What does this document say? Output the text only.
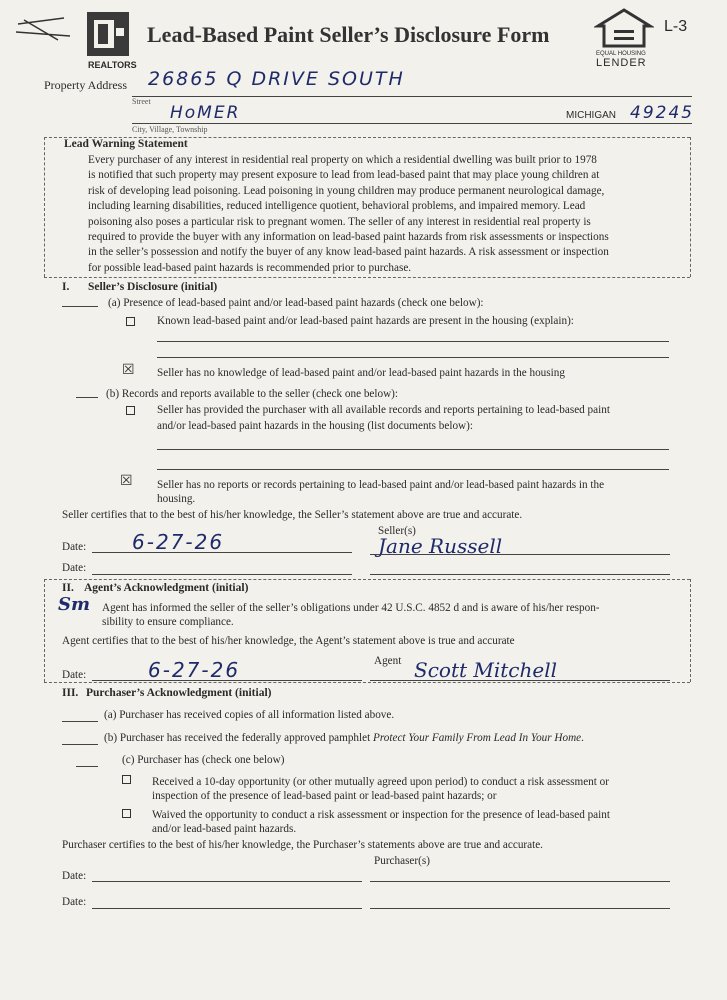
REALTORS
Lead-Based Paint Seller’s Disclosure Form
EQUAL HOUSING
LENDER
L-3
Property Address 26865 Q DRIVE SOUTH
Street
HoMER
City, Village, Township
MICHIGAN 49245
Lead Warning Statement
Every purchaser of any interest in residential real property on which a residential dwelling was built prior to 1978
is notified that such property may present exposure to lead from lead-based paint that may place young children at
risk of developing lead poisoning. Lead poisoning in young children may produce permanent neurological damage,
including learning disabilities, reduced intelligence quotient, behavioral problems, and impaired memory. Lead
poisoning also poses a particular risk to pregnant women. The seller of any interest in residential real property is
required to provide the buyer with any information on lead-based paint hazards from risk assessments or inspections
in the seller’s possession and notify the buyer of any know lead-based paint hazards. A risk assessment or inspection
for possible lead-based paint hazards is recommended prior to purchase.
I. Seller’s Disclosure (initial)
(a) Presence of lead-based paint and/or lead-based paint hazards (check one below):
Known lead-based paint and/or lead-based paint hazards are present in the housing (explain):
☒ Seller has no knowledge of lead-based paint and/or lead-based paint hazards in the housing
(b) Records and reports available to the seller (check one below):
Seller has provided the purchaser with all available records and reports pertaining to lead-based paint
and/or lead-based paint hazards in the housing (list documents below):
☒ Seller has no reports or records pertaining to lead-based paint and/or lead-based paint hazards in the
housing.
Seller certifies that to the best of his/her knowledge, the Seller’s statement above are true and accurate.
Seller(s)
Date: 6-27-26	Jane Russell
Date:
II. Agent’s Acknowledgment (initial)
Sm Agent has informed the seller of the seller’s obligations under 42 U.S.C. 4852 d and is aware of his/her respon-
sibility to ensure compliance.
Agent certifies that to the best of his/her knowledge, the Agent’s statement above is true and accurate
Agent
Date:	6-27-26	Scott Mitchell
III. Purchaser’s Acknowledgment (initial)
(a) Purchaser has received copies of all information listed above.
(b) Purchaser has received the federally approved pamphlet Protect Your Family From Lead In Your Home.
(c) Purchaser has (check one below)
Received a 10-day opportunity (or other mutually agreed upon period) to conduct a risk assessment or
inspection of the presence of lead-based paint or lead-based paint hazards; or
Waived the opportunity to conduct a risk assessment or inspection for the presence of lead-based paint
and/or lead-based paint hazards.
Purchaser certifies to the best of his/her knowledge, the Purchaser’s statements above are true and accurate.
Purchaser(s)
Date:
Date:
